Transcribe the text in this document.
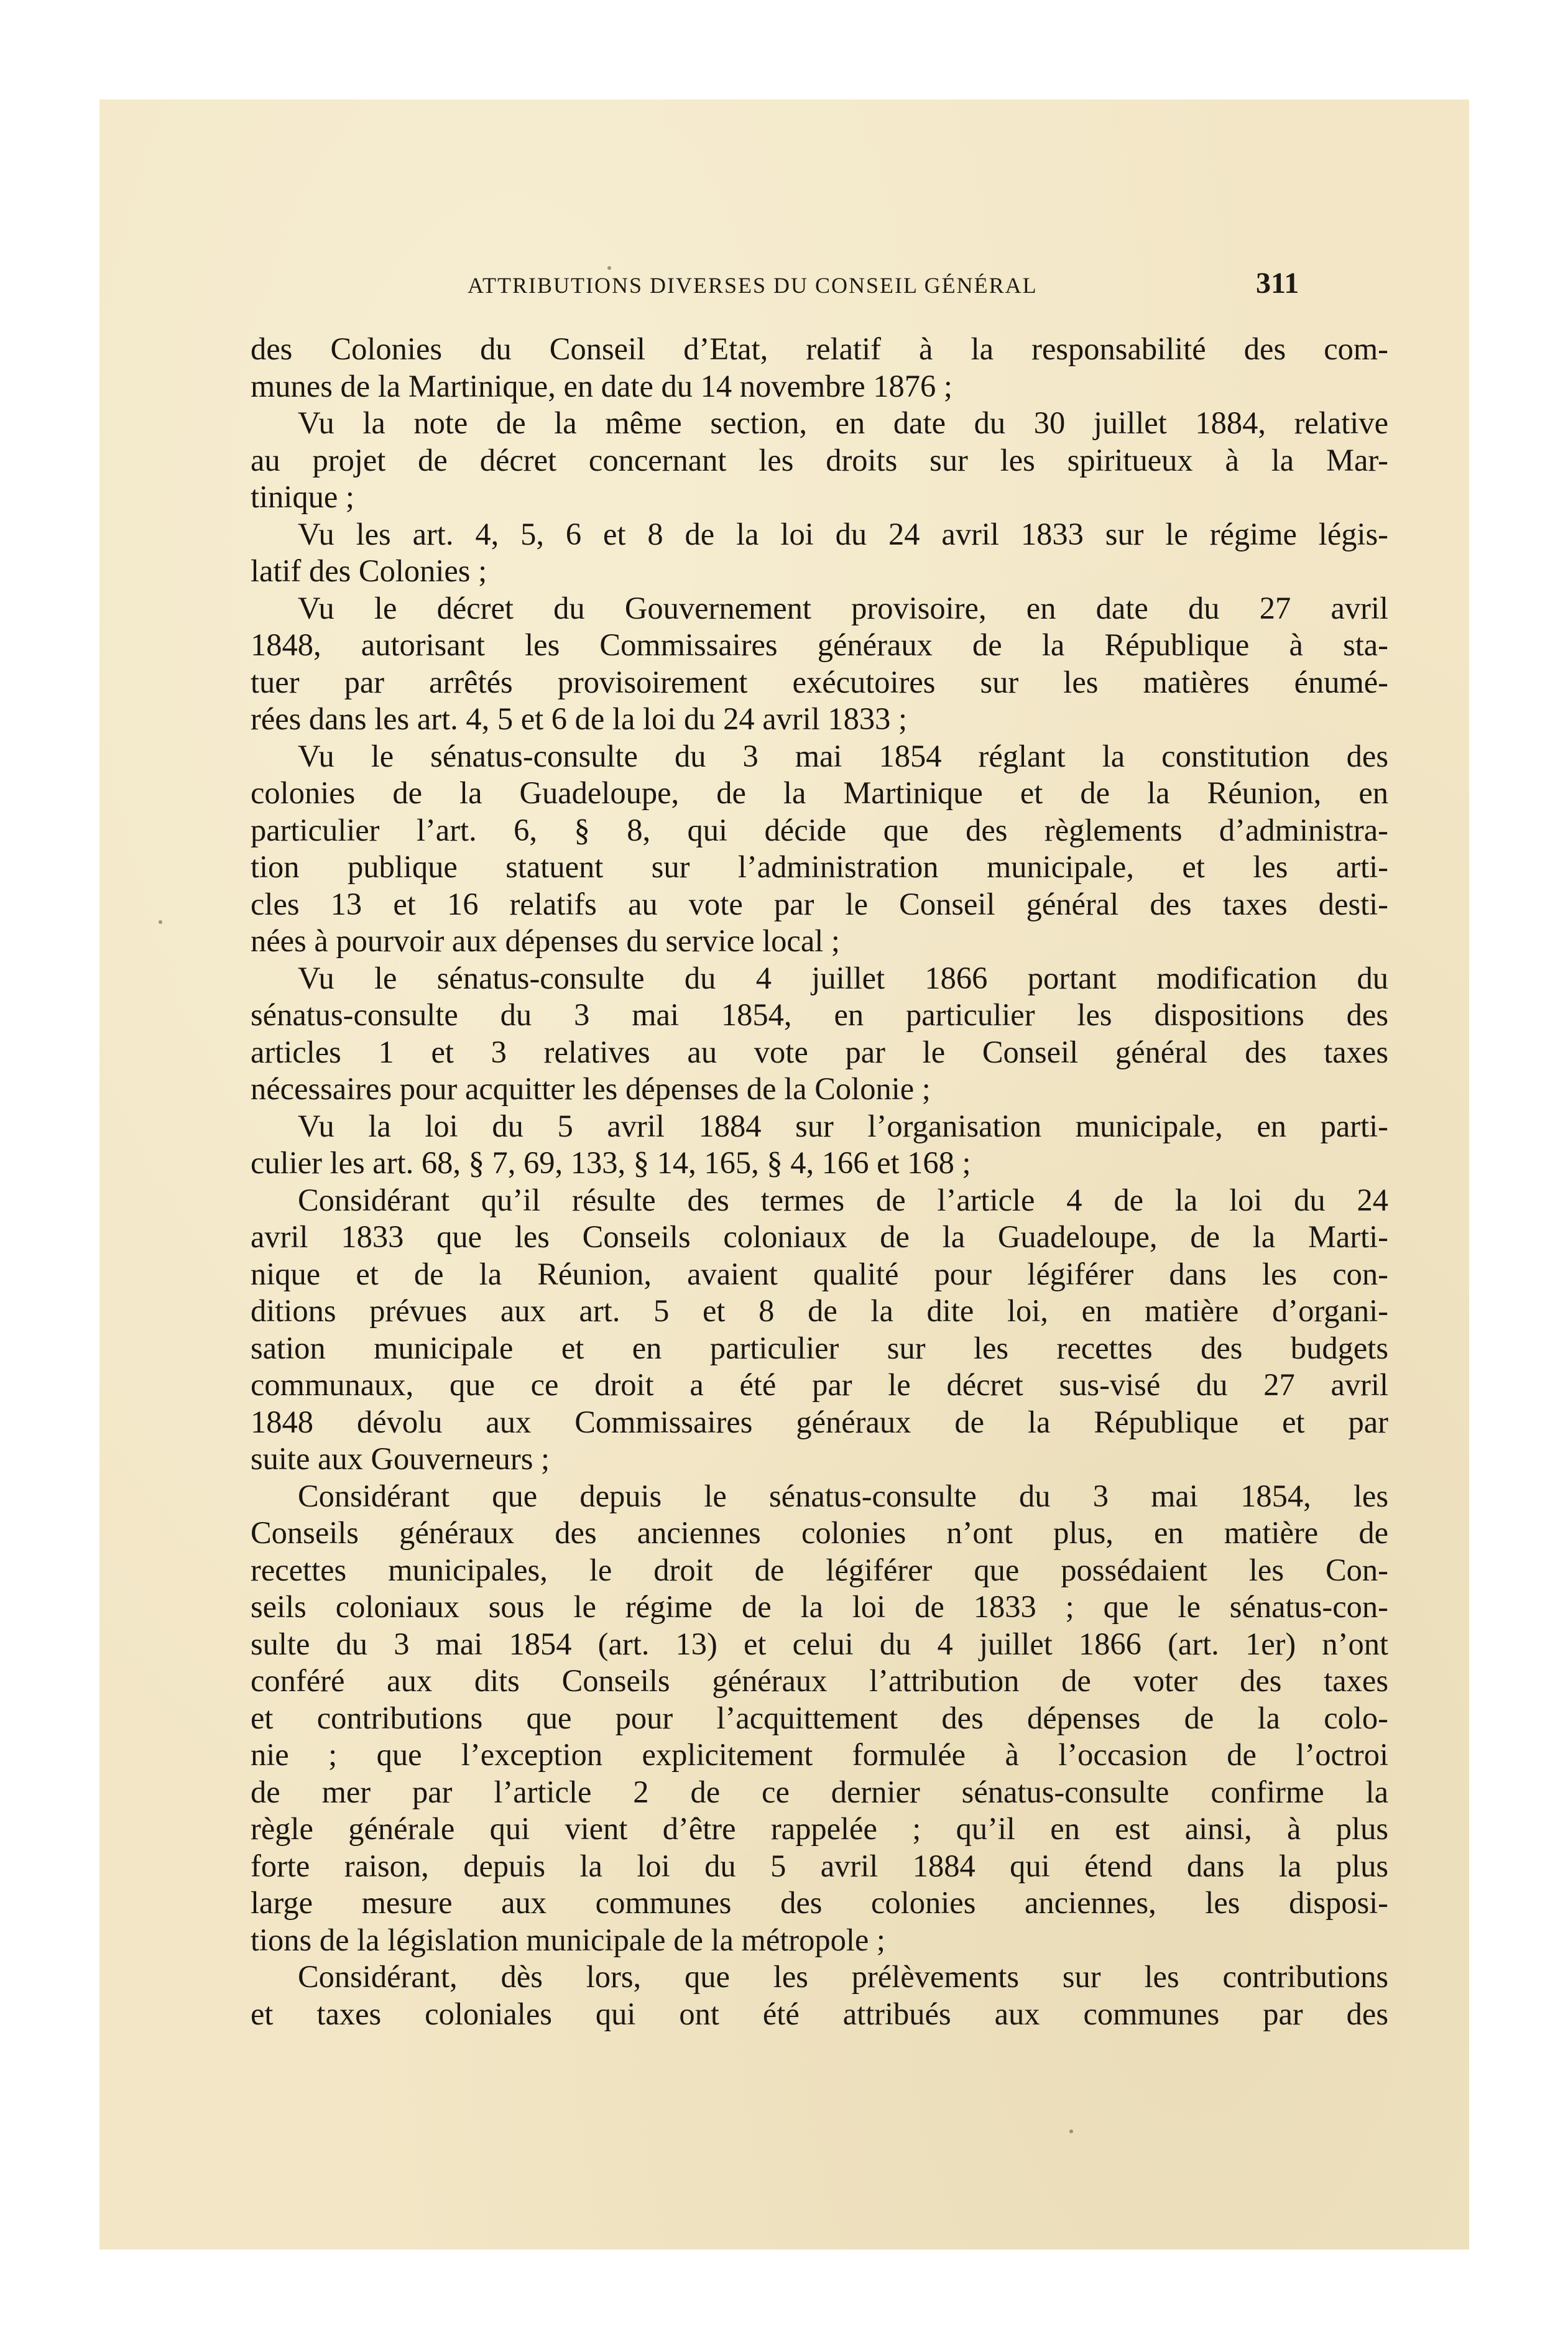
ATTRIBUTIONS DIVERSES DU CONSEIL GÉNÉRAL	311
des Colonies du Conseil d’Etat, relatif à la responsabilité des com-
munes de la Martinique, en date du 14 novembre 1876 ;
Vu la note de la même section, en date du 30 juillet 1884, relative
au projet de décret concernant les droits sur les spiritueux à la Mar-
tinique ;
Vu les art. 4, 5, 6 et 8 de la loi du 24 avril 1833 sur le régime légis-
latif des Colonies ;
Vu le décret du Gouvernement provisoire, en date du 27 avril
1848, autorisant les Commissaires généraux de la République à sta-
tuer par arrêtés provisoirement exécutoires sur les matières énumé-
rées dans les art. 4, 5 et 6 de la loi du 24 avril 1833 ;
Vu le sénatus-consulte du 3 mai 1854 réglant la constitution des
colonies de la Guadeloupe, de la Martinique et de la Réunion, en
particulier l’art. 6, § 8, qui décide que des règlements d’administra-
tion publique statuent sur l’administration municipale, et les arti-
cles 13 et 16 relatifs au vote par le Conseil général des taxes desti-
nées à pourvoir aux dépenses du service local ;
Vu le sénatus-consulte du 4 juillet 1866 portant modification du
sénatus-consulte du 3 mai 1854, en particulier les dispositions des
articles 1 et 3 relatives au vote par le Conseil général des taxes
nécessaires pour acquitter les dépenses de la Colonie ;
Vu la loi du 5 avril 1884 sur l’organisation municipale, en parti-
culier les art. 68, § 7, 69, 133, § 14, 165, § 4, 166 et 168 ;
Considérant qu’il résulte des termes de l’article 4 de la loi du 24
avril 1833 que les Conseils coloniaux de la Guadeloupe, de la Marti-
nique et de la Réunion, avaient qualité pour légiférer dans les con-
ditions prévues aux art. 5 et 8 de la dite loi, en matière d’organi-
sation municipale et en particulier sur les recettes des budgets
communaux, que ce droit a été par le décret sus-visé du 27 avril
1848 dévolu aux Commissaires généraux de la République et par
suite aux Gouverneurs ;
Considérant que depuis le sénatus-consulte du 3 mai 1854, les
Conseils généraux des anciennes colonies n’ont plus, en matière de
recettes municipales, le droit de légiférer que possédaient les Con-
seils coloniaux sous le régime de la loi de 1833 ; que le sénatus-con-
sulte du 3 mai 1854 (art. 13) et celui du 4 juillet 1866 (art. 1er) n’ont
conféré aux dits Conseils généraux l’attribution de voter des taxes
et contributions que pour l’acquittement des dépenses de la colo-
nie ; que l’exception explicitement formulée à l’occasion de l’octroi
de mer par l’article 2 de ce dernier sénatus-consulte confirme la
règle générale qui vient d’être rappelée ; qu’il en est ainsi, à plus
forte raison, depuis la loi du 5 avril 1884 qui étend dans la plus
large mesure aux communes des colonies anciennes, les disposi-
tions de la législation municipale de la métropole ;
Considérant, dès lors, que les prélèvements sur les contributions
et taxes coloniales qui ont été attribués aux communes par des
